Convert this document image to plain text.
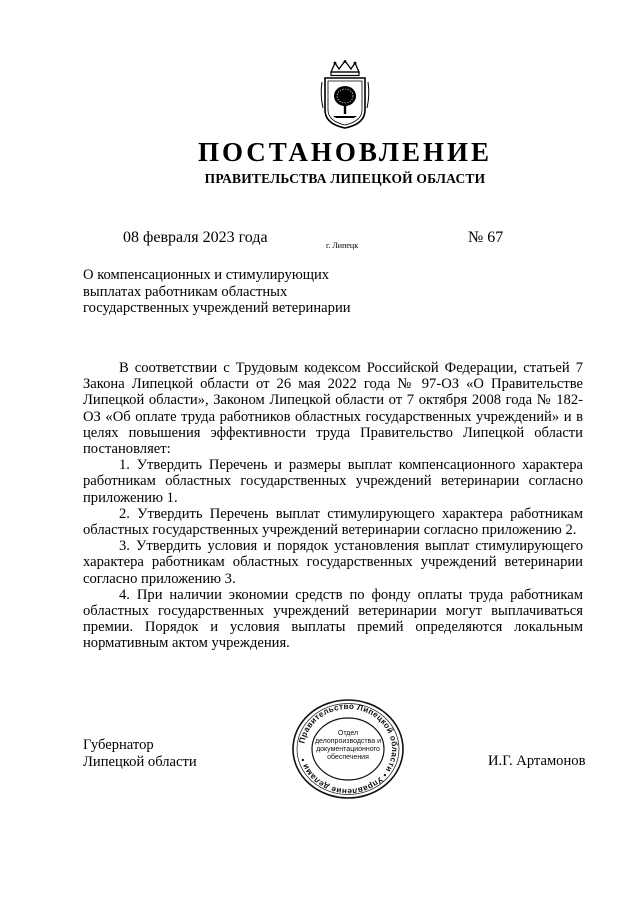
ПОСТАНОВЛЕНИЕ
ПРАВИТЕЛЬСТВА ЛИПЕЦКОЙ ОБЛАСТИ
08 февраля 2023 года	г. Липецк	№ 67
О компенсационных и стимулирующих
выплатах работникам областных
государственных учреждений ветеринарии

В соответствии с Трудовым кодексом Российской Федерации, статьей 7 Закона Липецкой области от 26 мая 2022 года № 97-ОЗ «О Правительстве Липецкой области», Законом Липецкой области от 7 октября 2008 года № 182-ОЗ «Об оплате труда работников областных государственных учреждений» и в целях повышения эффективности труда Правительство Липецкой области постановляет:

1. Утвердить Перечень и размеры выплат компенсационного характера работникам областных государственных учреждений ветеринарии согласно приложению 1.

2. Утвердить Перечень выплат стимулирующего характера работникам областных государственных учреждений ветеринарии согласно приложению 2.

3. Утвердить условия и порядок установления выплат стимулирующего характера работникам областных государственных учреждений ветеринарии согласно приложению 3.

4. При наличии экономии средств по фонду оплаты труда работникам областных государственных учреждений ветеринарии могут выплачиваться премии. Порядок и условия выплаты премий определяются локальным нормативным актом учреждения.

Губернатор
Липецкой области	И.Г. Артамонов
Правительство Липецкой области • Управление делами •
Отдел
делопроизводства и
документационного
обеспечения
